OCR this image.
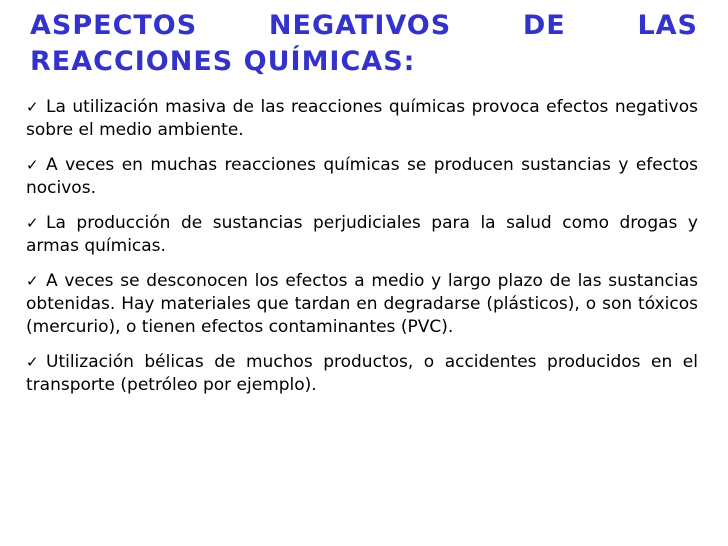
ASPECTOS	NEGATIVOS	DE	LAS
REACCIONES QUÍMICAS:
✓ La utilización masiva de las reacciones químicas provoca efectos negativos sobre el medio ambiente.
✓ A veces en muchas reacciones químicas se producen sustancias y efectos nocivos.
✓ La producción de sustancias perjudiciales para la salud como drogas y armas químicas.
✓ A veces se desconocen los efectos a medio y largo plazo de las sustancias obtenidas. Hay materiales que tardan en degradarse (plásticos), o son tóxicos (mercurio), o tienen efectos contaminantes (PVC).
✓ Utilización bélicas de muchos productos, o accidentes producidos en el transporte (petróleo por ejemplo).
